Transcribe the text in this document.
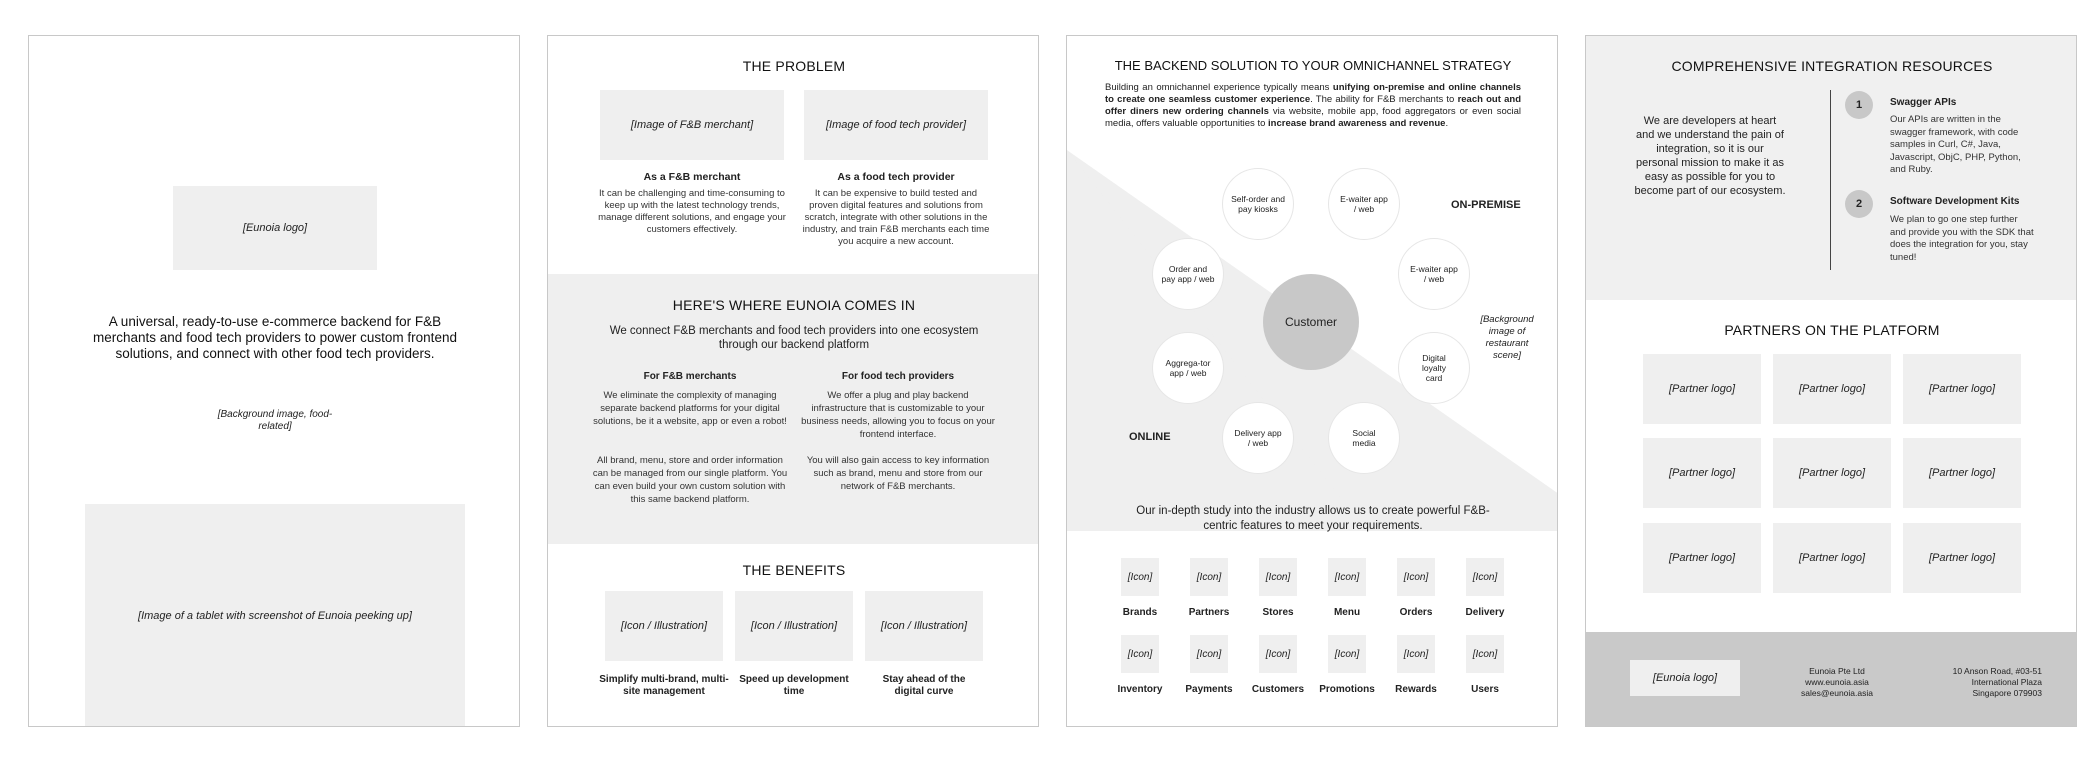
[Eunoia logo]
A universal, ready-to-use e-commerce backend for F&B merchants and food tech providers to power custom frontend solutions, and connect with other food tech providers.
[Background image, food-related]
[Image of a tablet with screenshot of Eunoia peeking up]
THE PROBLEM
[Image of F&B merchant]	[Image of food tech provider]
As a F&B merchant
It can be challenging and time-consuming to keep up with the latest technology trends, manage different solutions, and engage your customers effectively.
As a food tech provider
It can be expensive to build tested and proven digital features and solutions from scratch, integrate with other solutions in the industry, and train F&B merchants each time you acquire a new account.
HERE'S WHERE EUNOIA COMES IN
We connect F&B merchants and food tech providers into one ecosystem through our backend platform
For F&B merchants
We eliminate the complexity of managing separate backend platforms for your digital solutions, be it a website, app or even a robot!
All brand, menu, store and order information can be managed from our single platform. You can even build your own custom solution with this same backend platform.
For food tech providers
We offer a plug and play backend infrastructure that is customizable to your business needs, allowing you to focus on your frontend interface.
You will also gain access to key information such as brand, menu and store from our network of F&B merchants.
THE BENEFITS
[Icon / Illustration]	[Icon / Illustration]	[Icon / Illustration]
Simplify multi-brand, multi-site management
Speed up development time
Stay ahead of the digital curve
THE BACKEND SOLUTION TO YOUR OMNICHANNEL STRATEGY
Building an omnichannel experience typically means unifying on-premise and online channels to create one seamless customer experience. The ability for F&B merchants to reach out and offer diners new ordering channels via website, mobile app, food aggregators or even social media, offers valuable opportunities to increase brand awareness and revenue.
ON-PREMISE
ONLINE
[Background image of restaurant scene]
Customer
Self-order and pay kiosks
E-waiter app / web
Order and pay app / web
E-waiter app / web
Aggrega-tor app / web
Digital loyalty card
Delivery app / web
Social media
Our in-depth study into the industry allows us to create powerful F&B-centric features to meet your requirements.
[Icon]	[Icon]	[Icon]	[Icon]	[Icon]	[Icon]
Brands	Partners	Stores	Menu	Orders	Delivery
[Icon]	[Icon]	[Icon]	[Icon]	[Icon]	[Icon]
Inventory	Payments	Customers	Promotions	Rewards	Users
COMPREHENSIVE INTEGRATION RESOURCES
We are developers at heart and we understand the pain of integration, so it is our personal mission to make it as easy as possible for you to become part of our ecosystem.
1	Swagger APIs
Our APIs are written in the swagger framework, with code samples in Curl, C#, Java, Javascript, ObjC, PHP, Python, and Ruby.
2	Software Development Kits
We plan to go one step further and provide you with the SDK that does the integration for you, stay tuned!
PARTNERS ON THE PLATFORM
[Partner logo]	[Partner logo]	[Partner logo]
[Partner logo]	[Partner logo]	[Partner logo]
[Partner logo]	[Partner logo]	[Partner logo]
[Eunoia logo]
Eunoia Pte Ltd
www.eunoia.asia
sales@eunoia.asia
10 Anson Road, #03-51
International Plaza
Singapore 079903
